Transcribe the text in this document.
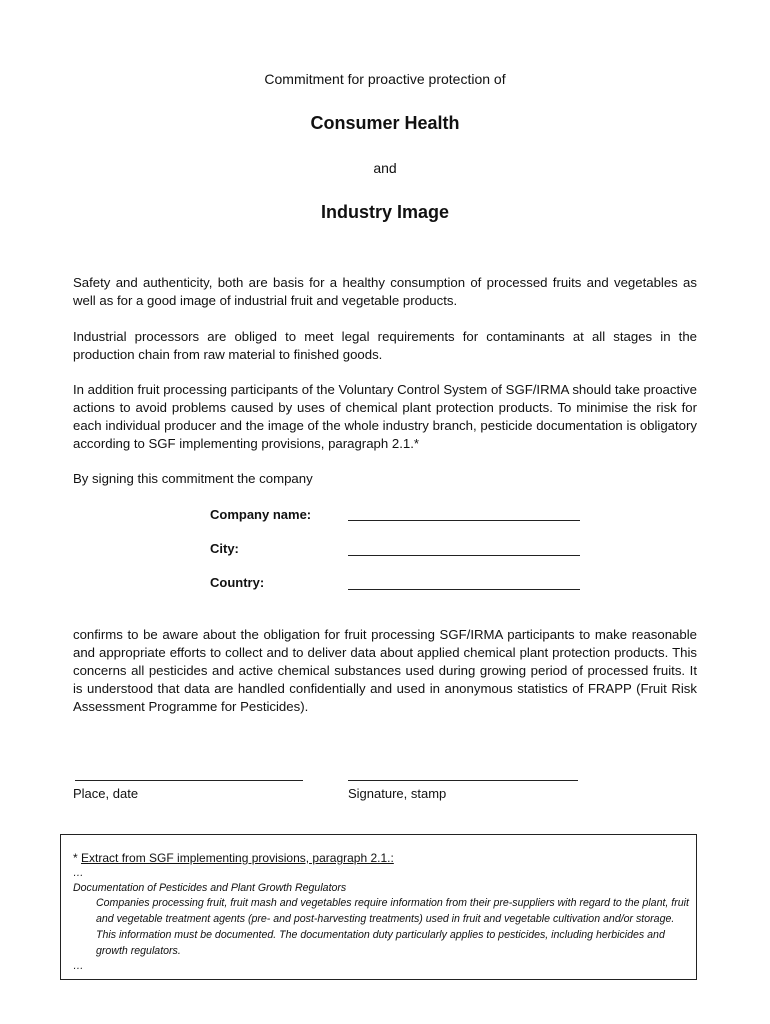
Commitment for proactive protection of
Consumer Health
and
Industry Image

Safety and authenticity, both are basis for a healthy consumption of processed fruits and vegetables as well as for a good image of industrial fruit and vegetable products.

Industrial processors are obliged to meet legal requirements for contaminants at all stages in the production chain from raw material to finished goods.

In addition fruit processing participants of the Voluntary Control System of SGF/IRMA should take proactive actions to avoid problems caused by uses of chemical plant protection products. To minimise the risk for each individual producer and the image of the whole industry branch, pesticide documentation is obligatory according to SGF implementing provisions, paragraph 2.1.*

By signing this commitment the company

Company name:
City:
Country:

confirms to be aware about the obligation for fruit processing SGF/IRMA participants to make reasonable and appropriate efforts to collect and to deliver data about applied chemical plant protection products. This concerns all pesticides and active chemical substances used during growing period of processed fruits. It is understood that data are handled confidentially and used in anonymous statistics of FRAPP (Fruit Risk Assessment Programme for Pesticides).

Place, date	Signature, stamp
* Extract from SGF implementing provisions, paragraph 2.1.:
…
Documentation of Pesticides and Plant Growth Regulators

Companies processing fruit, fruit mash and vegetables require information from their pre-suppliers with regard to the plant, fruit and vegetable treatment agents (pre- and post-harvesting treatments) used in fruit and vegetable cultivation and/or storage. This information must be documented. The documentation duty particularly applies to pesticides, including herbicides and growth regulators.

…
